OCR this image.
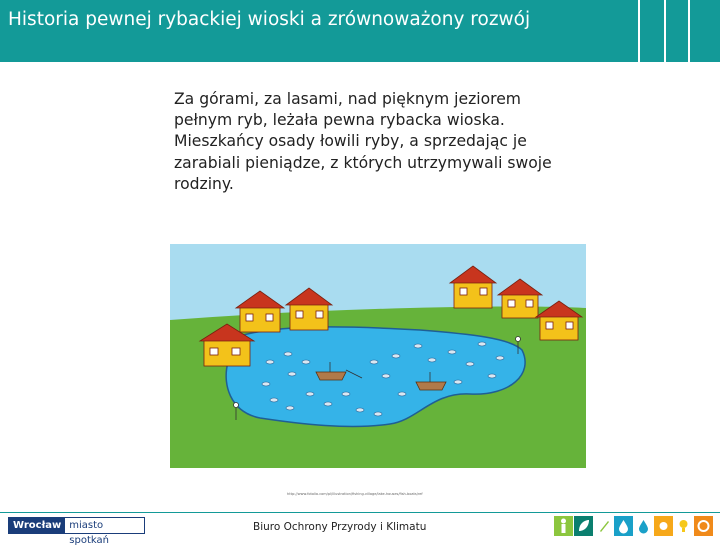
Historia pewnej rybackiej wioski a zrównoważony rozwój

Za górami, za lasami, nad pięknym jeziorem pełnym ryb, leżała pewna rybacka wioska. Mieszkańcy osady łowili ryby, a sprzedając je zarabiali pieniądze, z których utrzymywali swoje rodziny.

http://www.fotolia.com/pl/illustration/fishing-village/lake-houses/fish-boats/ref
Wrocław miasto spotkań
Biuro Ochrony Przyrody i Klimatu
